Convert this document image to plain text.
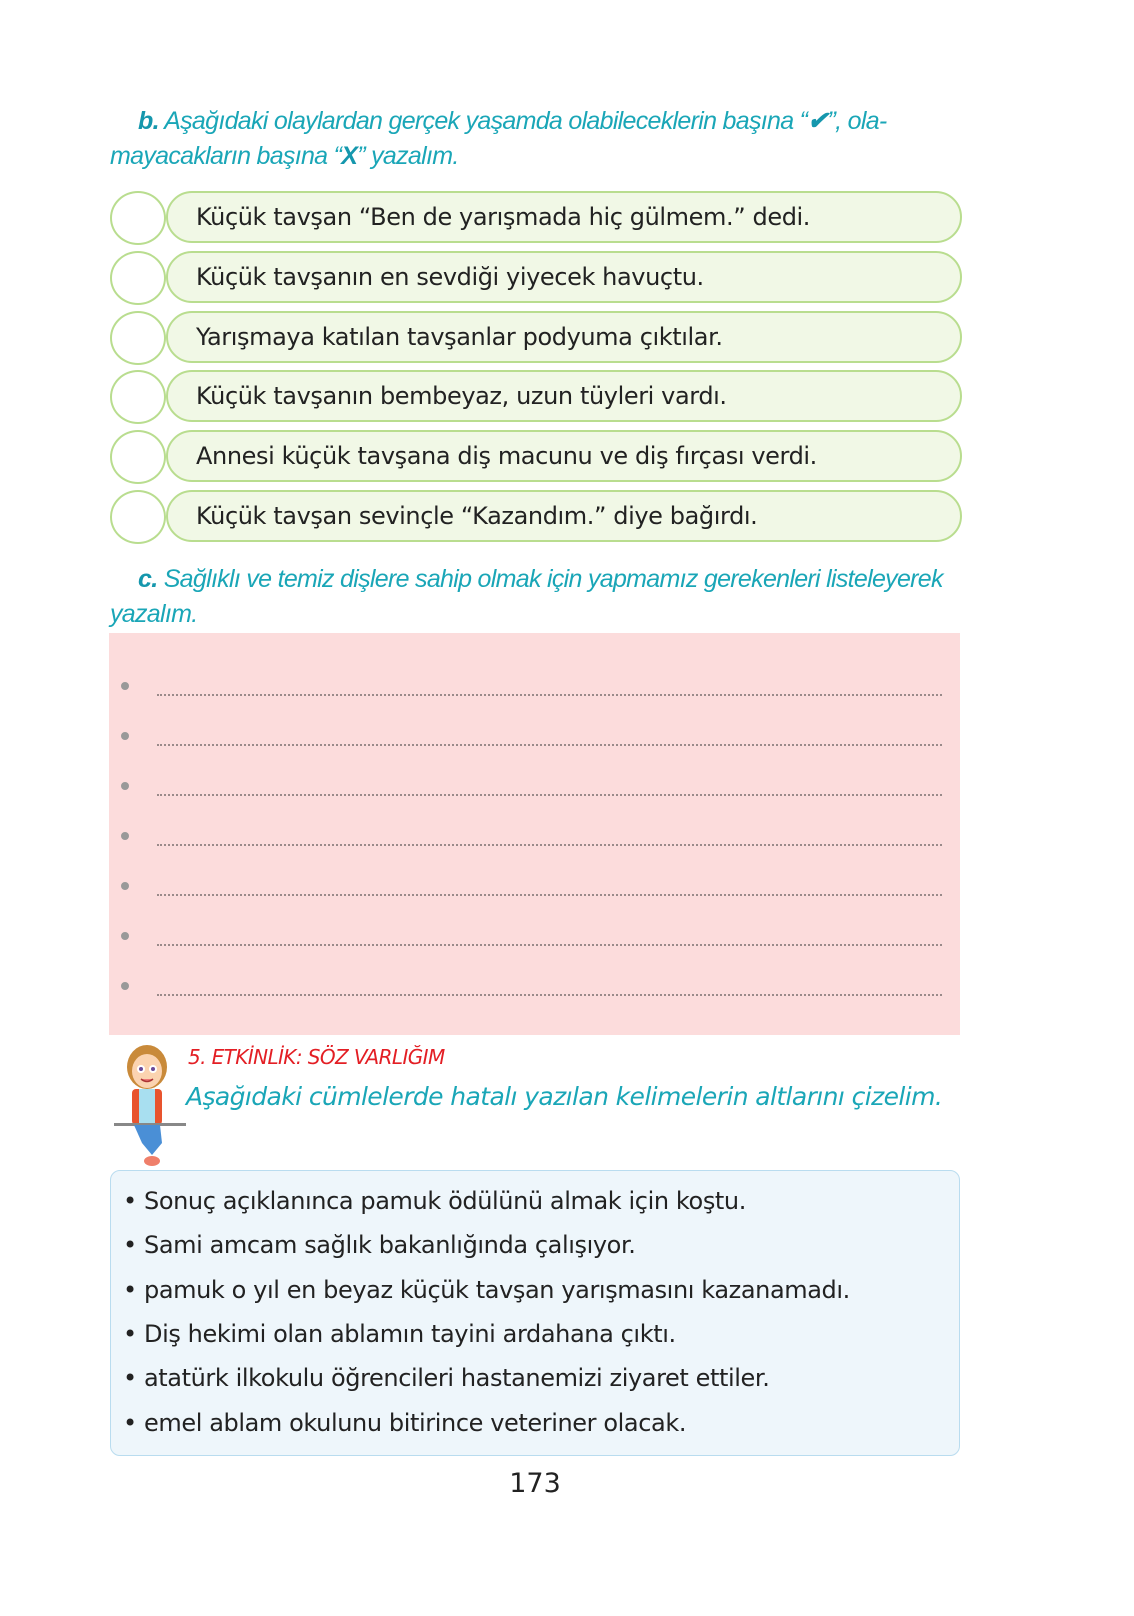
b. Aşağıdaki olaylardan gerçek yaşamda olabileceklerin başına “✔”, ola-
mayacakların başına “X” yazalım.
Küçük tavşan “Ben de yarışmada hiç gülmem.” dedi.
Küçük tavşanın en sevdiği yiyecek havuçtu.
Yarışmaya katılan tavşanlar podyuma çıktılar.
Küçük tavşanın bembeyaz, uzun tüyleri vardı.
Annesi küçük tavşana diş macunu ve diş fırçası verdi.
Küçük tavşan sevinçle “Kazandım.” diye bağırdı.
c. Sağlıklı ve temiz dişlere sahip olmak için yapmamız gerekenleri listeleyerek
yazalım.
5. ETKİNLİK: SÖZ VARLIĞIM
Aşağıdaki cümlelerde hatalı yazılan kelimelerin altlarını çizelim.
• Sonuç açıklanınca pamuk ödülünü almak için koştu.
• Sami amcam sağlık bakanlığında çalışıyor.
• pamuk o yıl en beyaz küçük tavşan yarışmasını kazanamadı.
• Diş hekimi olan ablamın tayini ardahana çıktı.
• atatürk ilkokulu öğrencileri hastanemizi ziyaret ettiler.
• emel ablam okulunu bitirince veteriner olacak.
173
